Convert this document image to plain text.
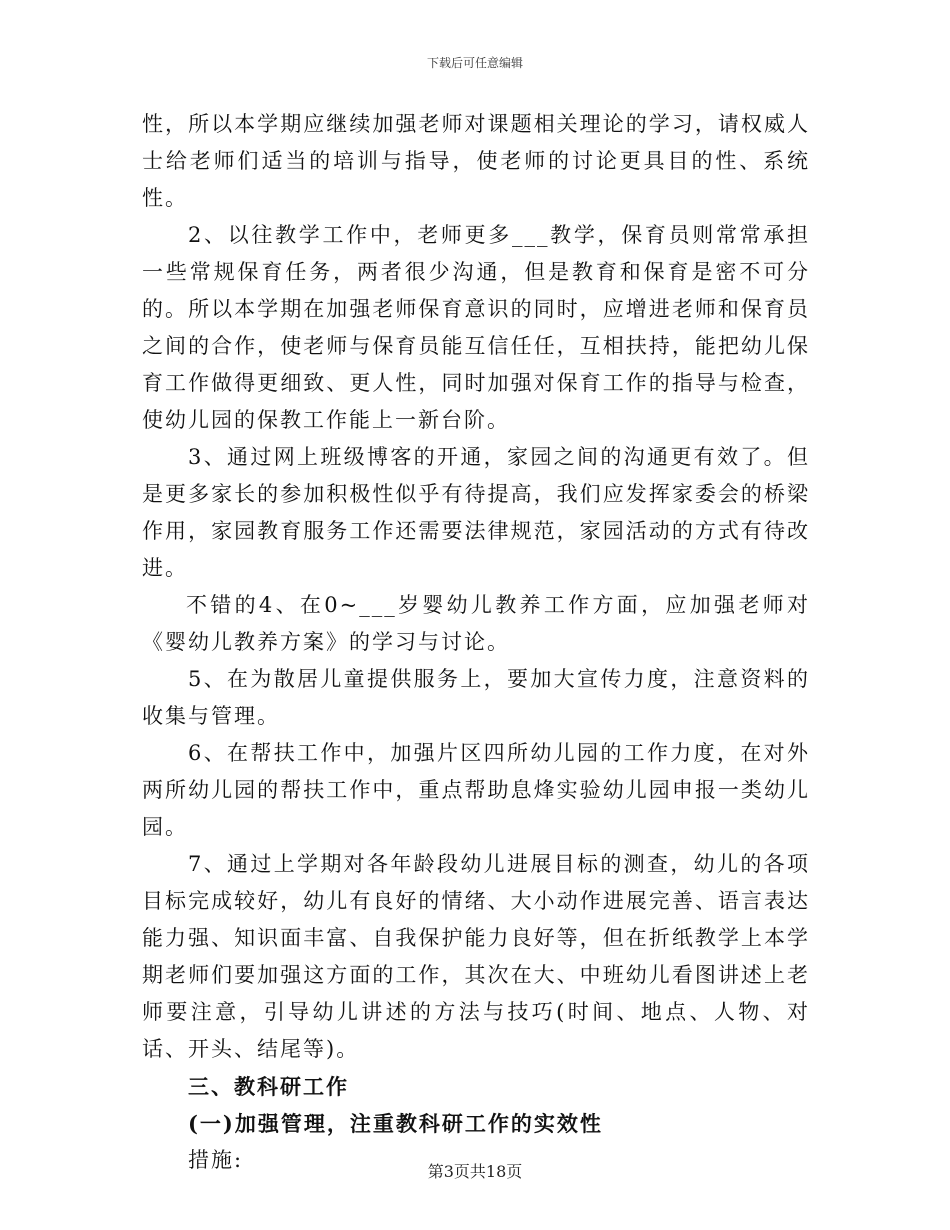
下载后可任意编辑

性，所以本学期应继续加强老师对课题相关理论的学习，请权威人士给老师们适当的培训与指导，使老师的讨论更具目的性、系统性。

2、以往教学工作中，老师更多___教学，保育员则常常承担一些常规保育任务，两者很少沟通，但是教育和保育是密不可分的。所以本学期在加强老师保育意识的同时，应增进老师和保育员之间的合作，使老师与保育员能互信任任，互相扶持，能把幼儿保育工作做得更细致、更人性，同时加强对保育工作的指导与检查，使幼儿园的保教工作能上一新台阶。

3、通过网上班级博客的开通，家园之间的沟通更有效了。但是更多家长的参加积极性似乎有待提高，我们应发挥家委会的桥梁作用，家园教育服务工作还需要法律规范，家园活动的方式有待改进。

不错的4、在0~___岁婴幼儿教养工作方面，应加强老师对《婴幼儿教养方案》的学习与讨论。

5、在为散居儿童提供服务上，要加大宣传力度，注意资料的收集与管理。

6、在帮扶工作中，加强片区四所幼儿园的工作力度，在对外两所幼儿园的帮扶工作中，重点帮助息烽实验幼儿园申报一类幼儿园。

7、通过上学期对各年龄段幼儿进展目标的测查，幼儿的各项目标完成较好，幼儿有良好的情绪、大小动作进展完善、语言表达能力强、知识面丰富、自我保护能力良好等，但在折纸教学上本学期老师们要加强这方面的工作，其次在大、中班幼儿看图讲述上老师要注意，引导幼儿讲述的方法与技巧(时间、地点、人物、对话、开头、结尾等)。

三、教科研工作

(一)加强管理，注重教科研工作的实效性

措施:	第3页共18页
